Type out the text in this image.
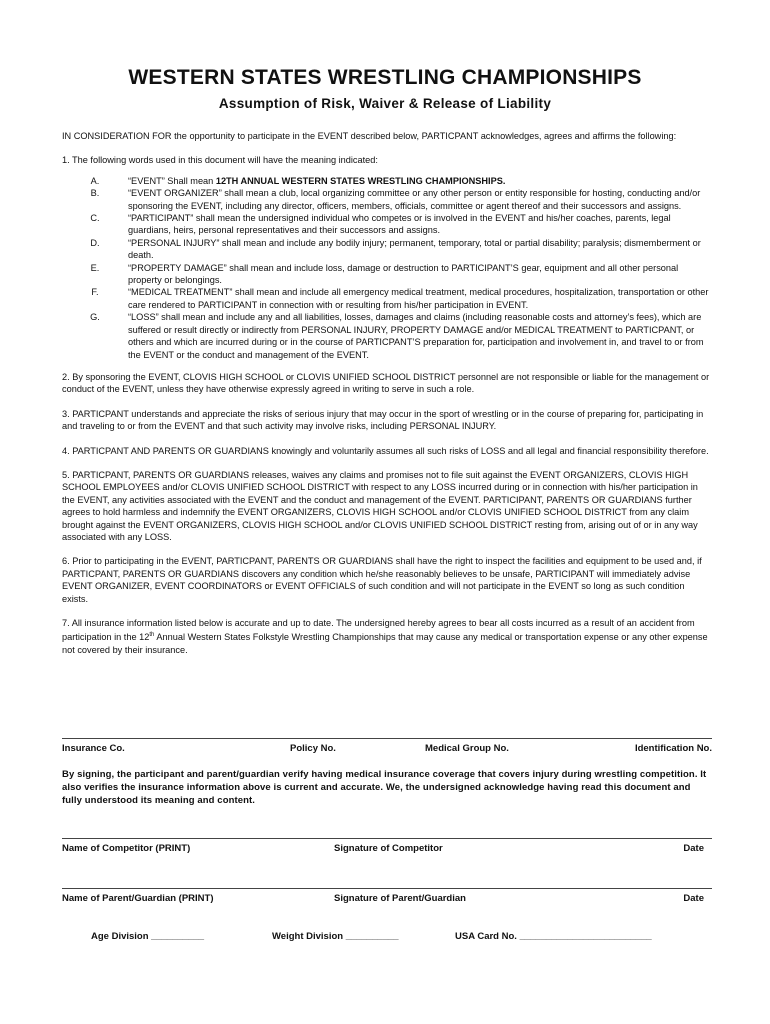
WESTERN STATES WRESTLING CHAMPIONSHIPS
Assumption of Risk, Waiver & Release of Liability

IN CONSIDERATION FOR the opportunity to participate in the EVENT described below, PARTICPANT acknowledges, agrees and affirms the following:

1. The following words used in this document will have the meaning indicated:

A.	“EVENT” Shall mean 12TH ANNUAL WESTERN STATES WRESTLING CHAMPIONSHIPS.
B.	“EVENT ORGANIZER” shall mean a club, local organizing committee or any other person or entity responsible for hosting, conducting and/or sponsoring the EVENT, including any director, officers, members, officials, committee or agent thereof and their successors and assigns.
C.	“PARTICIPANT” shall mean the undersigned individual who competes or is involved in the EVENT and his/her coaches, parents, legal guardians, heirs, personal representatives and their successors and assigns.
D.	“PERSONAL INJURY” shall mean and include any bodily injury; permanent, temporary, total or partial disability; paralysis; dismemberment or death.
E.	“PROPERTY DAMAGE” shall mean and include loss, damage or destruction to PARTICIPANT’S gear, equipment and all other personal property or belongings.
F.	“MEDICAL TREATMENT” shall mean and include all emergency medical treatment, medical procedures, hospitalization, transportation or other care rendered to PARTICIPANT in connection with or resulting from his/her participation in EVENT.
G.	“LOSS” shall mean and include any and all liabilities, losses, damages and claims (including reasonable costs and attorney’s fees), which are suffered or result directly or indirectly from PERSONAL INJURY, PROPERTY DAMAGE and/or MEDICAL TREATMENT to PARTICPANT, or others and which are incurred during or in the course of PARTICPANT’S preparation for, participation and involvement in, and travel to or from the EVENT or the conduct and management of the EVENT.

2. By sponsoring the EVENT, CLOVIS HIGH SCHOOL or CLOVIS UNIFIED SCHOOL DISTRICT personnel are not responsible or liable for the management or conduct of the EVENT, unless they have otherwise expressly agreed in writing to serve in such a role.

3. PARTICPANT understands and appreciate the risks of serious injury that may occur in the sport of wrestling or in the course of preparing for, participating in and traveling to or from the EVENT and that such activity may involve risks, including PERSONAL INJURY.

4. PARTICPANT AND PARENTS OR GUARDIANS knowingly and voluntarily assumes all such risks of LOSS and all legal and financial responsibility therefore.

5. PARTICPANT, PARENTS OR GUARDIANS releases, waives any claims and promises not to file suit against the EVENT ORGANIZERS, CLOVIS HIGH SCHOOL EMPLOYEES and/or CLOVIS UNIFIED SCHOOL DISTRICT with respect to any LOSS incurred during or in connection with his/her participation in the EVENT, any activities associated with the EVENT and the conduct and management of the EVENT. PARTICIPANT, PARENTS OR GUARDIANS further agrees to hold harmless and indemnify the EVENT ORGANIZERS, CLOVIS HIGH SCHOOL and/or CLOVIS UNIFIED SCHOOL DISTRICT from any claim brought against the EVENT ORGANIZERS, CLOVIS HIGH SCHOOL and/or CLOVIS UNIFIED SCHOOL DISTRICT resting from, arising out of or in any way associated with any LOSS.

6. Prior to participating in the EVENT, PARTICPANT, PARENTS OR GUARDIANS shall have the right to inspect the facilities and equipment to be used and, if PARTICPANT, PARENTS OR GUARDIANS discovers any condition which he/she reasonably believes to be unsafe, PARTICIPANT will immediately advise EVENT ORGANIZER, EVENT COORDINATORS or EVENT OFFICIALS of such condition and will not participate in the EVENT so long as such condition exists.

7. All insurance information listed below is accurate and up to date. The undersigned hereby agrees to bear all costs incurred as a result of an accident from participation in the 12th Annual Western States Folkstyle Wrestling Championships that may cause any medical or transportation expense or any other expense not covered by their insurance.

Insurance Co.	Policy No.	Medical Group No.	Identification No.
By signing, the participant and parent/guardian verify having medical insurance coverage that covers injury during wrestling competition. It also verifies the insurance information above is current and accurate. We, the undersigned acknowledge having read this document and fully understood its meaning and content.
Name of Competitor (PRINT)	Signature of Competitor	Date
Name of Parent/Guardian (PRINT)	Signature of Parent/Guardian	Date
Age Division __________	Weight Division __________	USA Card No. _________________________
